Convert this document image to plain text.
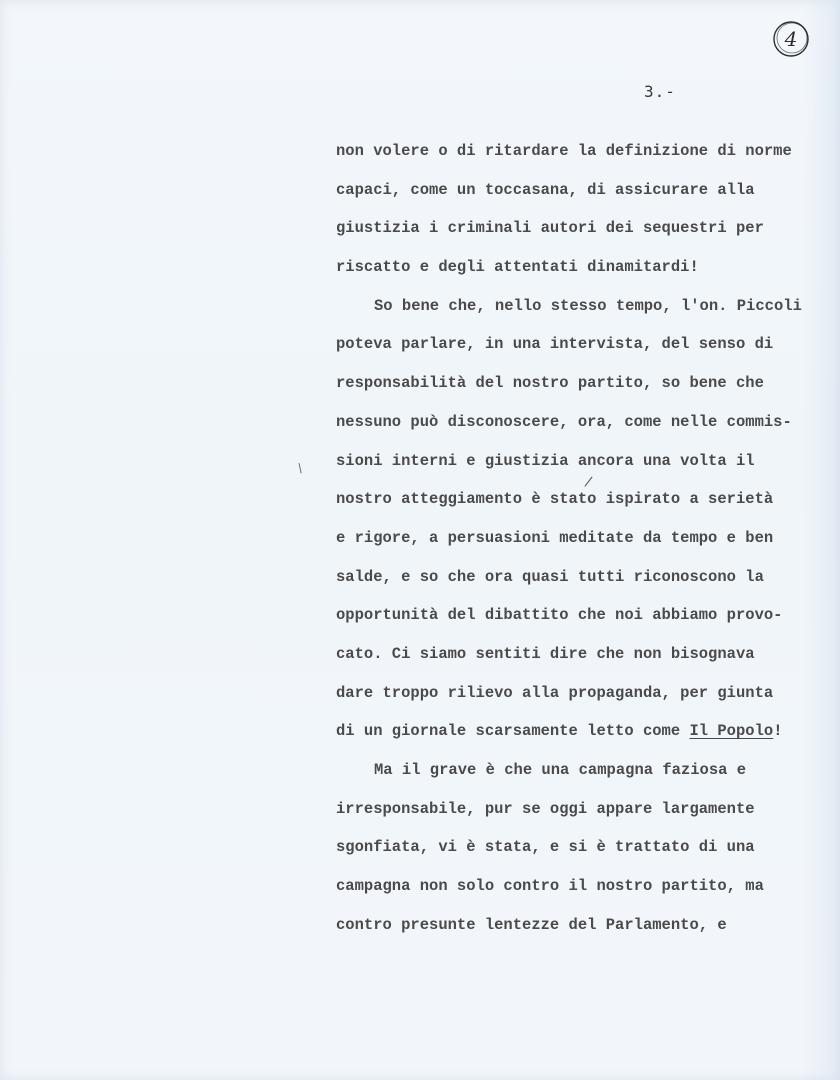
4
3.-
/
/
non volere o di ritardare la definizione di norme
capaci, come un toccasana, di assicurare alla
giustizia i criminali autori dei sequestri per
riscatto e degli attentati dinamitardi!
So bene che, nello stesso tempo, l'on. Piccoli
poteva parlare, in una intervista, del senso di
responsabilità del nostro partito, so bene che
nessuno può disconoscere, ora, come nelle commis-
sioni interni e giustizia ancora una volta il
nostro atteggiamento è stato ispirato a serietà
e rigore, a persuasioni meditate da tempo e ben
salde, e so che ora quasi tutti riconoscono la
opportunità del dibattito che noi abbiamo provo-
cato. Ci siamo sentiti dire che non bisognava
dare troppo rilievo alla propaganda, per giunta
di un giornale scarsamente letto come Il Popolo!
Ma il grave è che una campagna faziosa e
irresponsabile, pur se oggi appare largamente
sgonfiata, vi è stata, e si è trattato di una
campagna non solo contro il nostro partito, ma
contro presunte lentezze del Parlamento, e
